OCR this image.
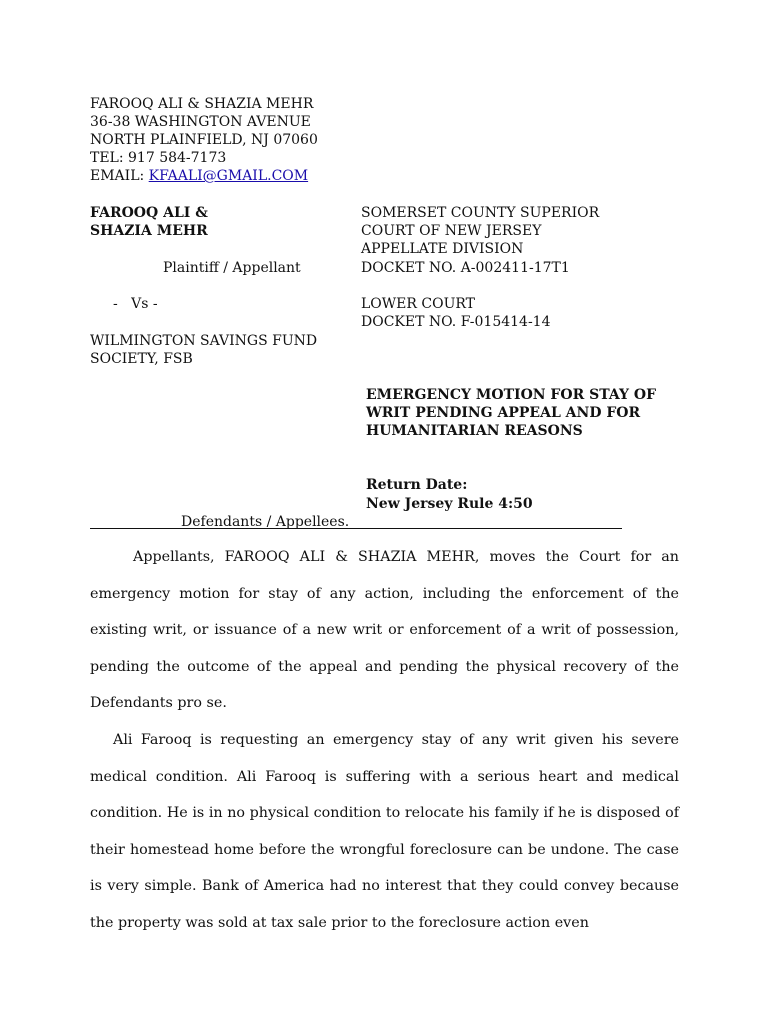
FAROOQ ALI & SHAZIA MEHR
36-38 WASHINGTON AVENUE
NORTH PLAINFIELD, NJ 07060
TEL: 917 584-7173
EMAIL: KFAALI@GMAIL.COM
FAROOQ ALI &
SHAZIA MEHR
Plaintiff / Appellant
-   Vs -
WILMINGTON SAVINGS FUND
SOCIETY, FSB
SOMERSET COUNTY SUPERIOR
COURT OF NEW JERSEY
APPELLATE DIVISION
DOCKET NO. A-002411-17T1
LOWER COURT
DOCKET NO. F-015414-14
EMERGENCY MOTION FOR STAY OF
WRIT PENDING APPEAL AND FOR
HUMANITARIAN REASONS
Return Date:
New Jersey Rule 4:50
Defendants / Appellees.

Appellants, FAROOQ ALI & SHAZIA MEHR, moves the Court for an emergency motion for stay of any action, including the enforcement of the existing writ, or issuance of a new writ or enforcement of a writ of possession, pending the outcome of the appeal and pending the physical recovery of the Defendants pro se.

Ali Farooq is requesting an emergency stay of any writ given his severe medical condition. Ali Farooq is suffering with a serious heart and medical condition. He is in no physical condition to relocate his family if he is disposed of their homestead home before the wrongful foreclosure can be undone. The case is very simple. Bank of America had no interest that they could convey because the property was sold at tax sale prior to the foreclosure action even
